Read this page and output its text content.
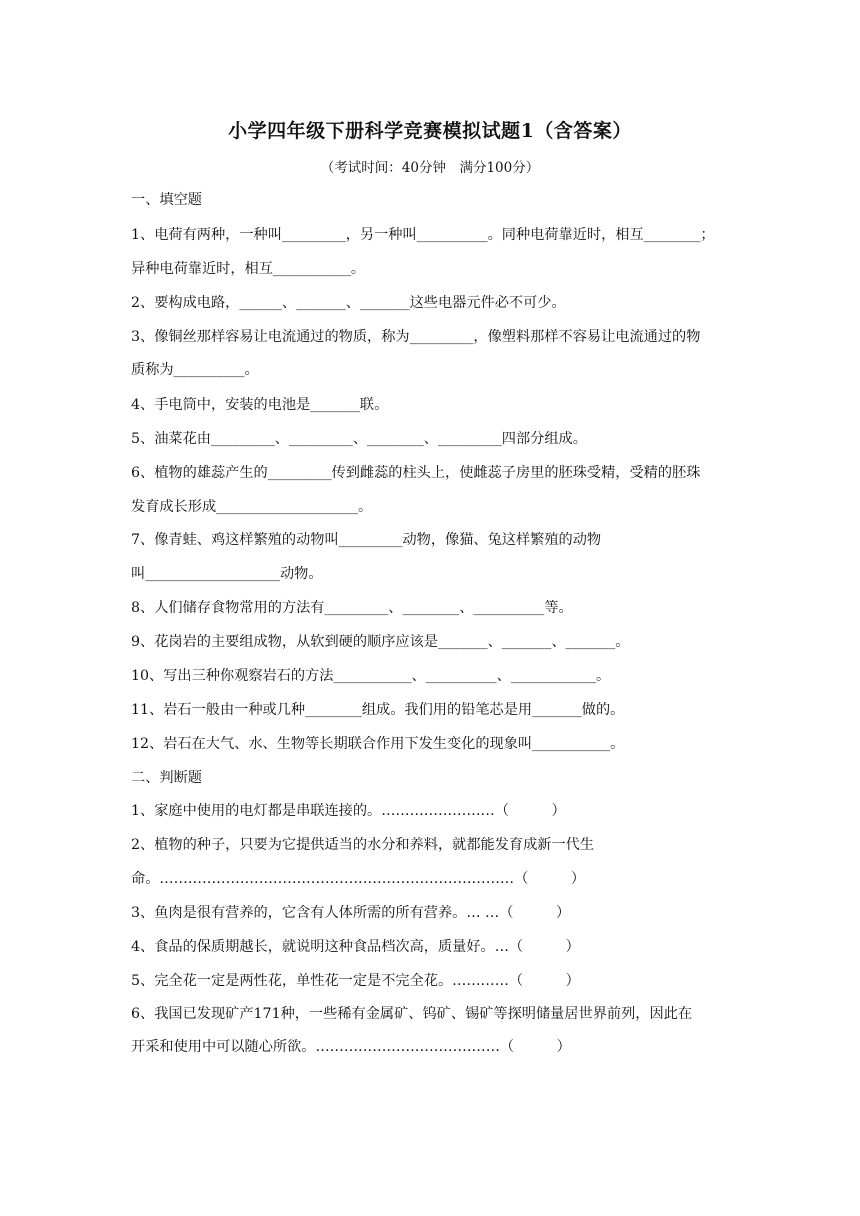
小学四年级下册科学竞赛模拟试题1（含答案）
（考试时间：40分钟　满分100分）
一、填空题
1、电荷有两种，一种叫_________，另一种叫__________。同种电荷靠近时，相互________；
异种电荷靠近时，相互___________。
2、要构成电路，______、_______、_______这些电器元件必不可少。
3、像铜丝那样容易让电流通过的物质，称为_________，像塑料那样不容易让电流通过的物
质称为__________。
4、手电筒中，安装的电池是_______联。
5、油菜花由_________、_________、________、_________四部分组成。
6、植物的雄蕊产生的_________传到雌蕊的柱头上，使雌蕊子房里的胚珠受精，受精的胚珠
发育成长形成____________________。
7、像青蛙、鸡这样繁殖的动物叫_________动物，像猫、兔这样繁殖的动物
叫___________________动物。
8、人们储存食物常用的方法有_________、________、__________等。
9、花岗岩的主要组成物，从软到硬的顺序应该是_______、_______、_______。
10、写出三种你观察岩石的方法___________、__________、____________。
11、岩石一般由一种或几种________组成。我们用的铅笔芯是用_______做的。
12、岩石在大气、水、生物等长期联合作用下发生变化的现象叫___________。
二、判断题
1、家庭中使用的电灯都是串联连接的。……………………（　　　）
2、植物的种子，只要为它提供适当的水分和养料，就都能发育成新一代生
命。…………………………………………………………………（　　　）
3、鱼肉是很有营养的，它含有人体所需的所有营养。… …（　　　）
4、食品的保质期越长，就说明这种食品档次高，质量好。…（　　　）
5、完全花一定是两性花，单性花一定是不完全花。…………（　　　）
6、我国已发现矿产171种，一些稀有金属矿、钨矿、锡矿等探明储量居世界前列，因此在
开采和使用中可以随心所欲。…………………………………（　　　）
